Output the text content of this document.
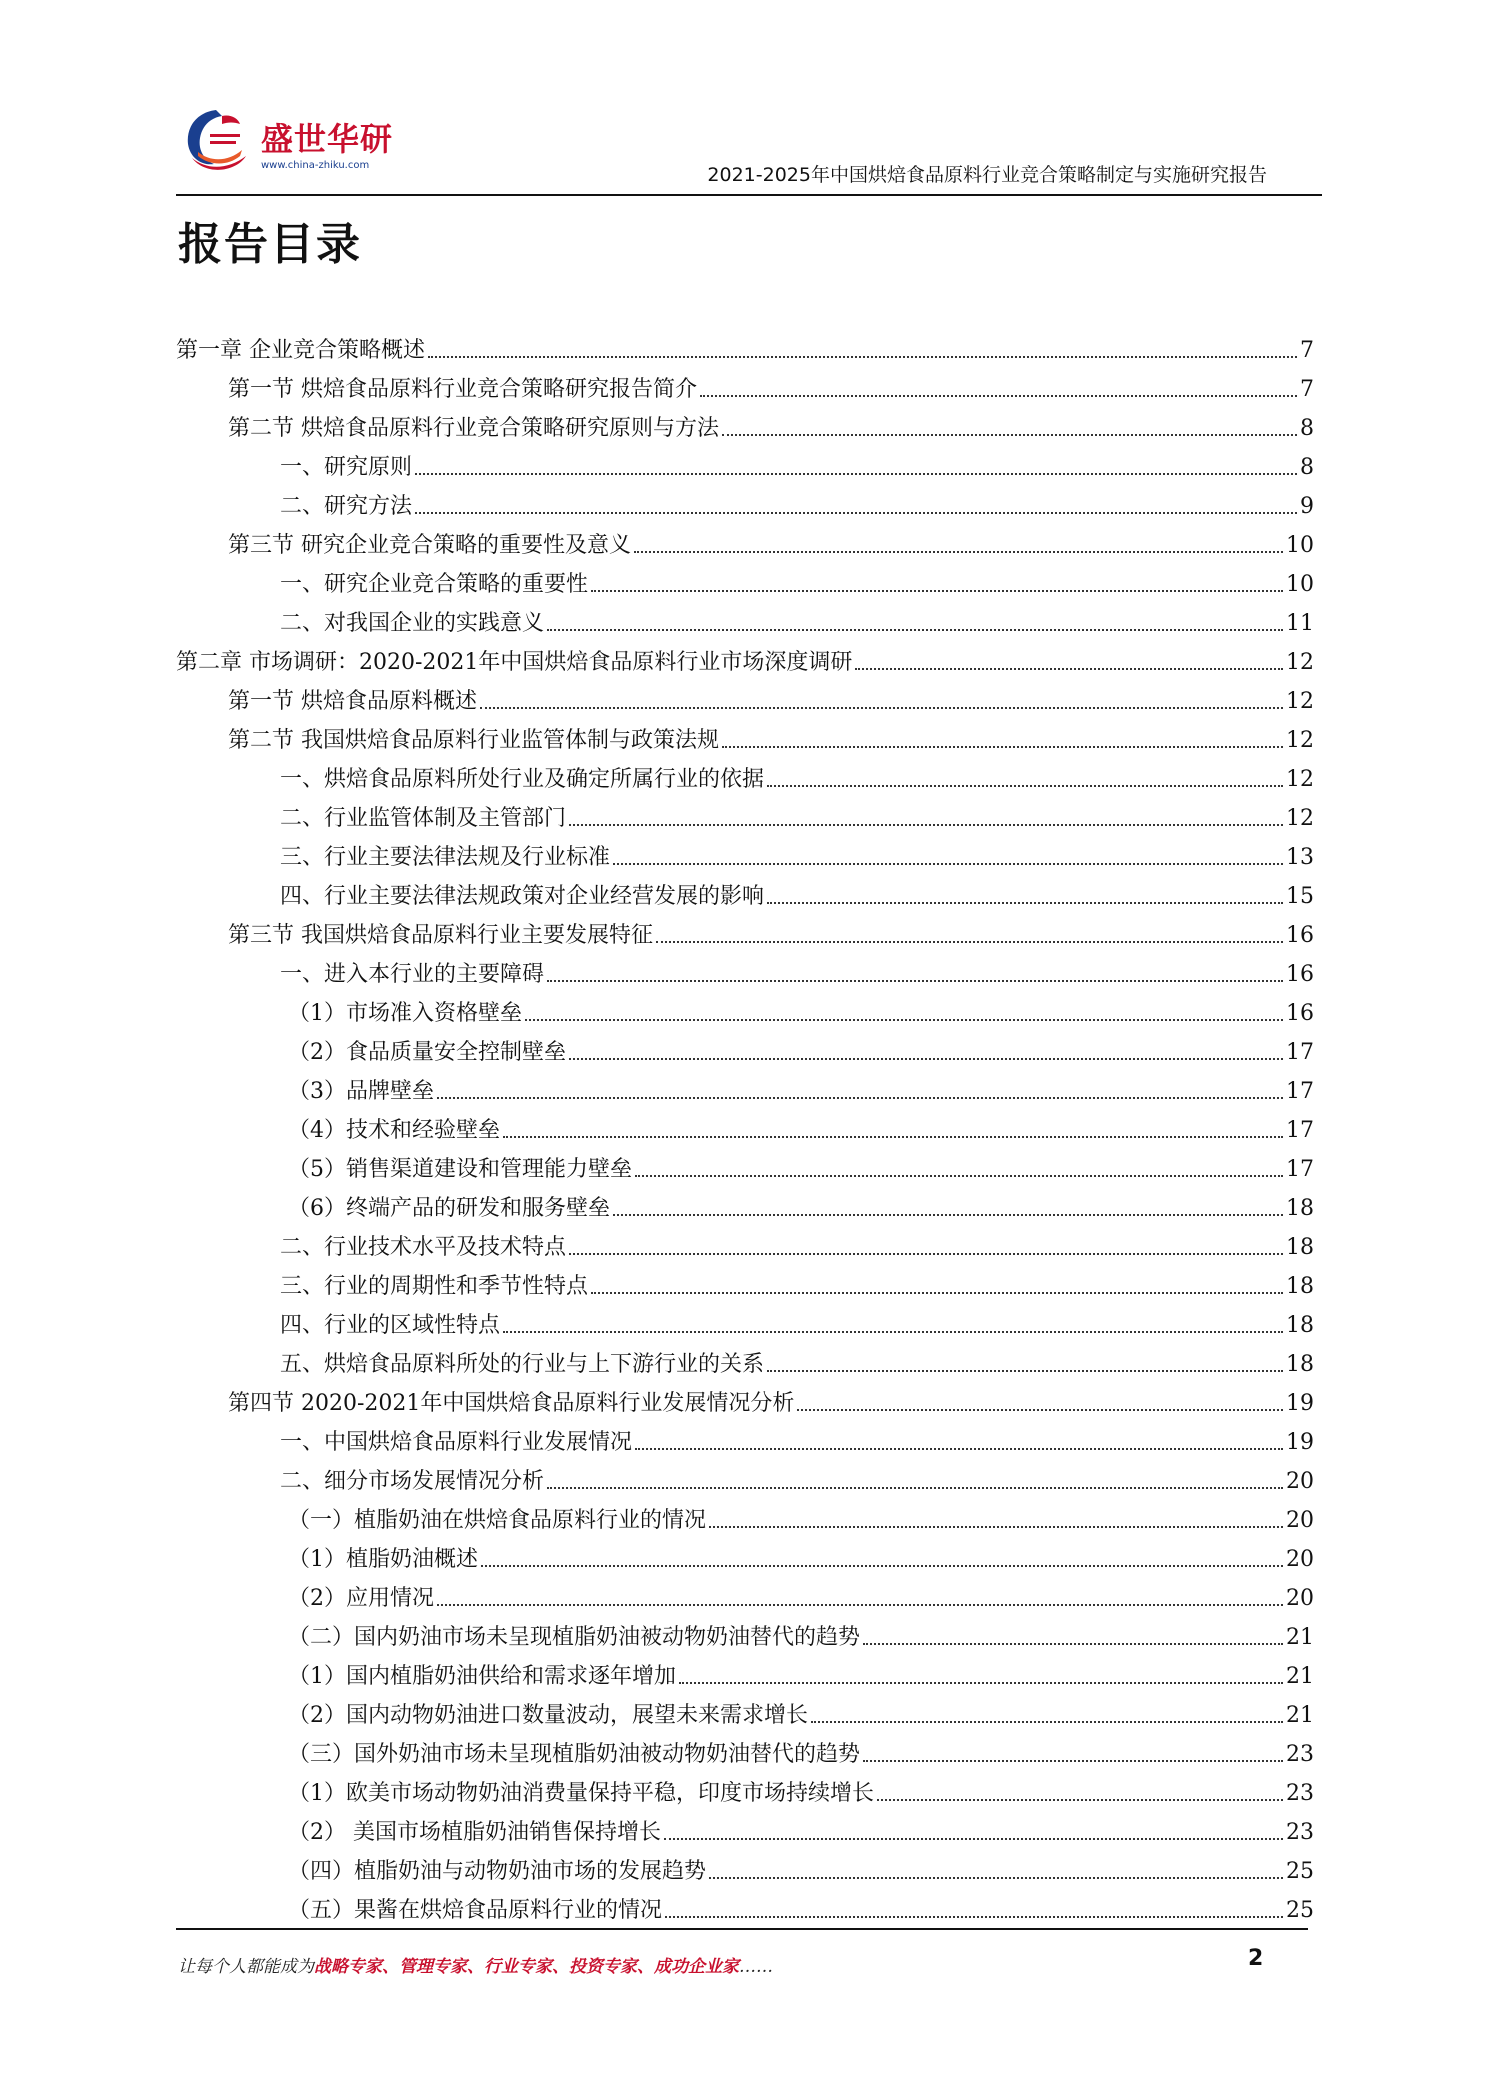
盛世华研
www.china-zhiku.com	2021-2025年中国烘焙食品原料行业竞合策略制定与实施研究报告
报告目录
第一章 企业竞合策略概述	7
第一节 烘焙食品原料行业竞合策略研究报告简介	7
第二节 烘焙食品原料行业竞合策略研究原则与方法	8
一、研究原则	8
二、研究方法	9
第三节 研究企业竞合策略的重要性及意义	10
一、研究企业竞合策略的重要性	10
二、对我国企业的实践意义	11
第二章 市场调研：2020-2021年中国烘焙食品原料行业市场深度调研	12
第一节 烘焙食品原料概述	12
第二节 我国烘焙食品原料行业监管体制与政策法规	12
一、烘焙食品原料所处行业及确定所属行业的依据	12
二、行业监管体制及主管部门	12
三、行业主要法律法规及行业标准	13
四、行业主要法律法规政策对企业经营发展的影响	15
第三节 我国烘焙食品原料行业主要发展特征	16
一、进入本行业的主要障碍	16
（1）市场准入资格壁垒	16
（2）食品质量安全控制壁垒	17
（3）品牌壁垒	17
（4）技术和经验壁垒	17
（5）销售渠道建设和管理能力壁垒	17
（6）终端产品的研发和服务壁垒	18
二、行业技术水平及技术特点	18
三、行业的周期性和季节性特点	18
四、行业的区域性特点	18
五、烘焙食品原料所处的行业与上下游行业的关系	18
第四节 2020-2021年中国烘焙食品原料行业发展情况分析	19
一、中国烘焙食品原料行业发展情况	19
二、细分市场发展情况分析	20
（一）植脂奶油在烘焙食品原料行业的情况	20
（1）植脂奶油概述	20
（2）应用情况	20
（二）国内奶油市场未呈现植脂奶油被动物奶油替代的趋势	21
（1）国内植脂奶油供给和需求逐年增加	21
（2）国内动物奶油进口数量波动，展望未来需求增长	21
（三）国外奶油市场未呈现植脂奶油被动物奶油替代的趋势	23
（1）欧美市场动物奶油消费量保持平稳，印度市场持续增长	23
（2） 美国市场植脂奶油销售保持增长	23
（四）植脂奶油与动物奶油市场的发展趋势	25
（五）果酱在烘焙食品原料行业的情况	25
让每个人都能成为战略专家、管理专家、行业专家、投资专家、成功企业家……	2
